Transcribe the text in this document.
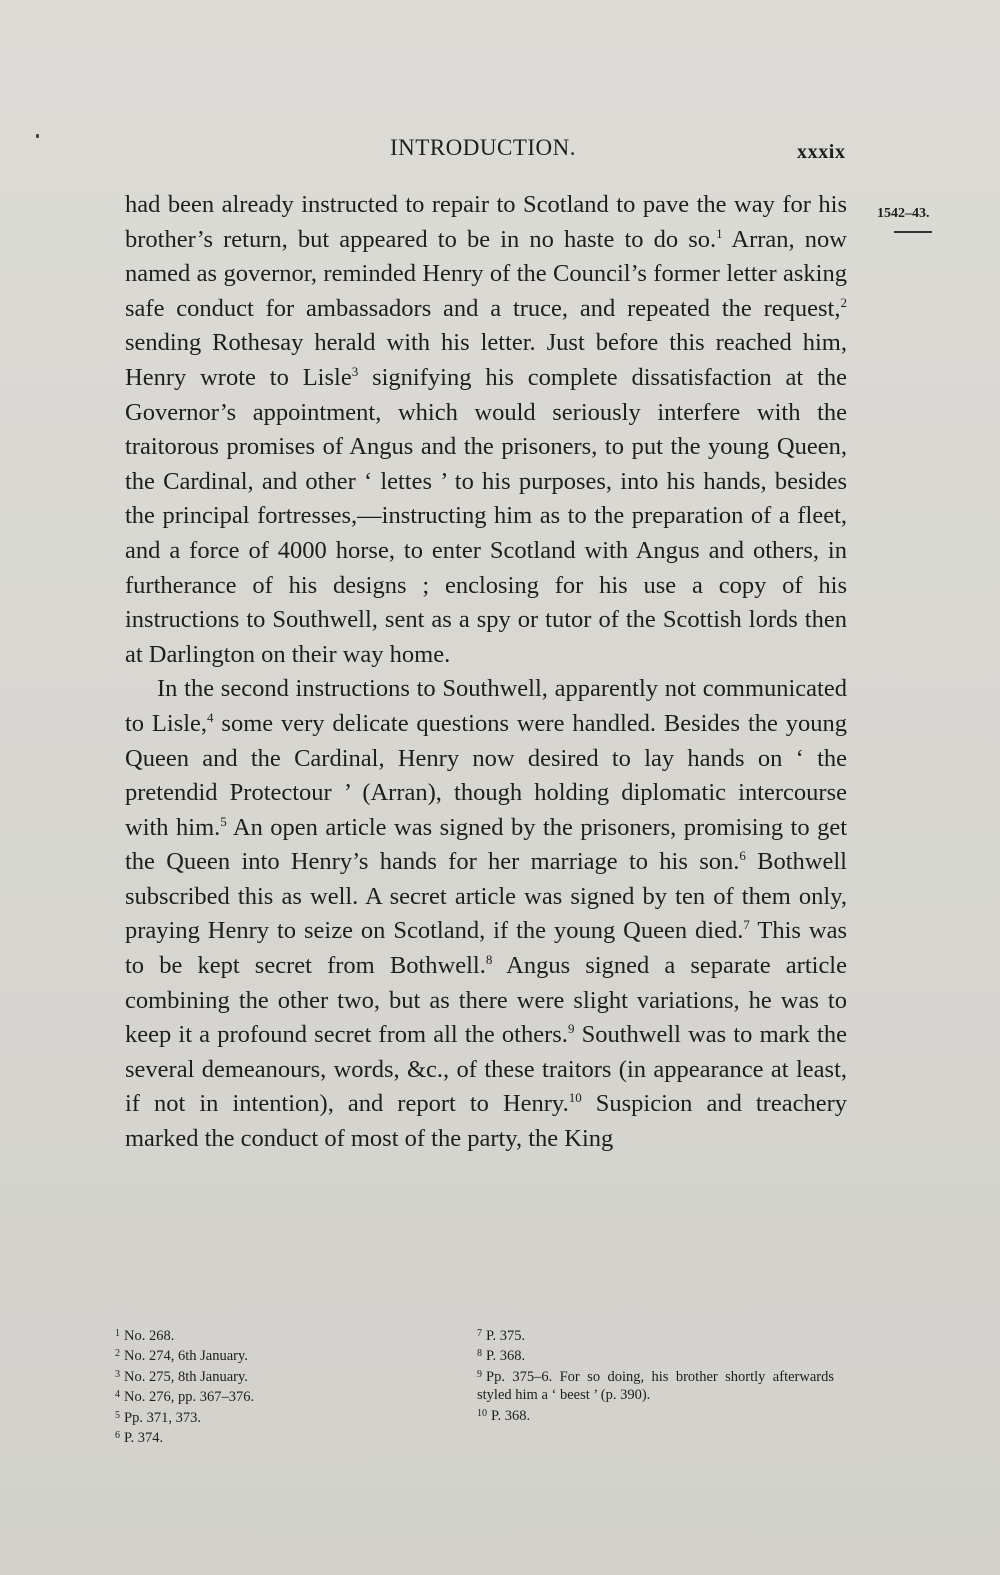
INTRODUCTION.	xxxix
1542–43.

had been already instructed to repair to Scotland to pave the way for his brother’s return, but appeared to be in no haste to do so.$^1$ Arran, now named as governor, reminded Henry of the Council’s former letter asking safe conduct for ambassadors and a truce, and repeated the request,$^2$ sending Rothesay herald with his letter. Just before this reached him, Henry wrote to Lisle$^3$ signifying his complete dissatisfaction at the Governor’s appointment, which would seriously interfere with the traitorous promises of Angus and the prisoners, to put the young Queen, the Cardinal, and other ‘ lettes ’ to his purposes, into his hands, besides the principal fortresses,—instructing him as to the preparation of a fleet, and a force of 4000 horse, to enter Scotland with Angus and others, in furtherance of his designs ; enclosing for his use a copy of his instructions to Southwell, sent as a spy or tutor of the Scottish lords then at Darlington on their way home.

In the second instructions to Southwell, apparently not communicated to Lisle,$^4$ some very delicate questions were handled. Besides the young Queen and the Cardinal, Henry now desired to lay hands on ‘ the pretendid Protectour ’ (Arran), though holding diplomatic intercourse with him.$^5$ An open article was signed by the prisoners, promising to get the Queen into Henry’s hands for her marriage to his son.$^6$ Bothwell subscribed this as well. A secret article was signed by ten of them only, praying Henry to seize on Scotland, if the young Queen died.$^7$ This was to be kept secret from Bothwell.$^8$ Angus signed a separate article combining the other two, but as there were slight variations, he was to keep it a profound secret from all the others.$^9$ Southwell was to mark the several demeanours, words, &c., of these traitors (in appearance at least, if not in intention), and report to Henry.$^{10}$ Suspicion and treachery marked the conduct of most of the party, the King

$^1$ No. 268.

$^2$ No. 274, 6th January.

$^3$ No. 275, 8th January.

$^4$ No. 276, pp. 367–376.

$^5$ Pp. 371, 373.

$^6$ P. 374.

$^7$ P. 375.

$^8$ P. 368.

$^9$ Pp. 375–6. For so doing, his brother shortly afterwards styled him a ‘ beest ’ (p. 390).

$^{10}$ P. 368.
